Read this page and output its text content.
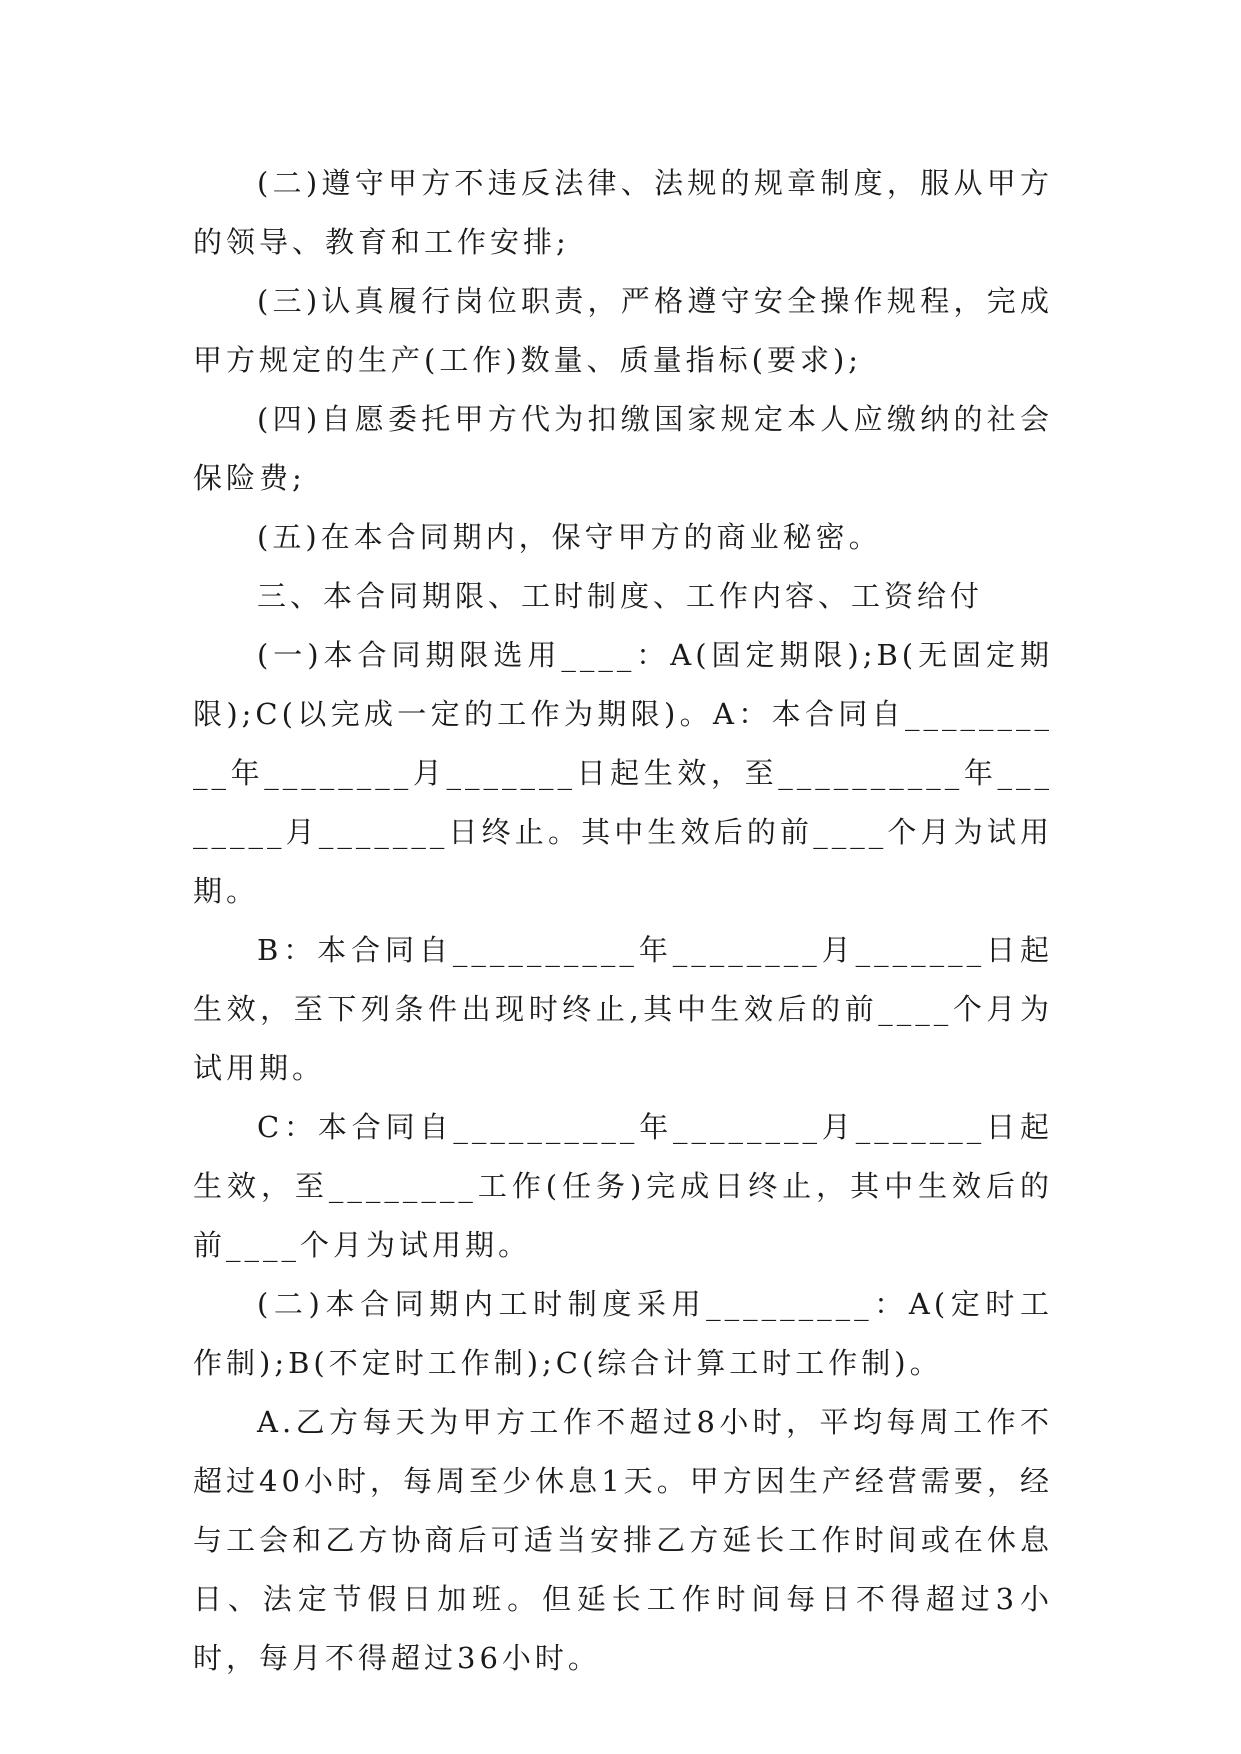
(二)遵守甲方不违反法律、法规的规章制度，服从甲方的领导、教育和工作安排;

(三)认真履行岗位职责，严格遵守安全操作规程，完成甲方规定的生产(工作)数量、质量指标(要求);

(四)自愿委托甲方代为扣缴国家规定本人应缴纳的社会保险费;

(五)在本合同期内，保守甲方的商业秘密。

三、本合同期限、工时制度、工作内容、工资给付

(一)本合同期限选用____：A(固定期限);B(无固定期限);C(以完成一定的工作为期限)。A：本合同自__________年________月_______日起生效，至__________年________月_______日终止。其中生效后的前____个月为试用期。

B：本合同自__________年________月_______日起生效，至下列条件出现时终止,其中生效后的前____个月为试用期。

C：本合同自__________年________月_______日起生效，至________工作(任务)完成日终止，其中生效后的前____个月为试用期。

(二)本合同期内工时制度采用_________：A(定时工作制);B(不定时工作制);C(综合计算工时工作制)。

A.乙方每天为甲方工作不超过8小时，平均每周工作不超过40小时，每周至少休息1天。甲方因生产经营需要，经与工会和乙方协商后可适当安排乙方延长工作时间或在休息日、法定节假日加班。但延长工作时间每日不得超过3小时，每月不得超过36小时。
